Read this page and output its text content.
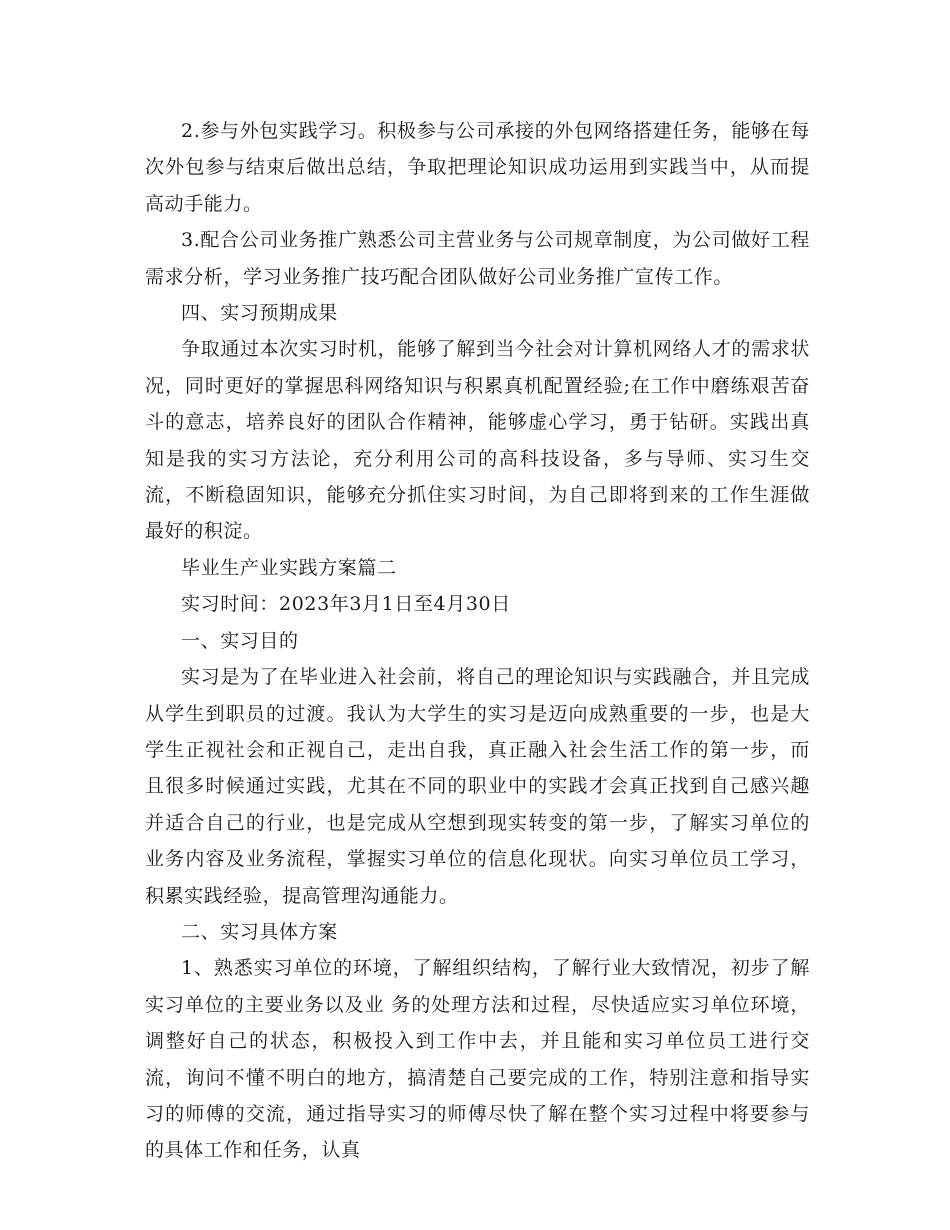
2.参与外包实践学习。积极参与公司承接的外包网络搭建任务，能够在每次外包参与结束后做出总结，争取把理论知识成功运用到实践当中，从而提高动手能力。

3.配合公司业务推广熟悉公司主营业务与公司规章制度，为公司做好工程需求分析，学习业务推广技巧配合团队做好公司业务推广宣传工作。

四、实习预期成果

争取通过本次实习时机，能够了解到当今社会对计算机网络人才的需求状况，同时更好的掌握思科网络知识与积累真机配置经验;在工作中磨练艰苦奋斗的意志，培养良好的团队合作精神，能够虚心学习，勇于钻研。实践出真知是我的实习方法论，充分利用公司的高科技设备，多与导师、实习生交流，不断稳固知识，能够充分抓住实习时间，为自己即将到来的工作生涯做最好的积淀。

毕业生产业实践方案篇二

实习时间：2023年3月1日至4月30日

一、实习目的

实习是为了在毕业进入社会前，将自己的理论知识与实践融合，并且完成从学生到职员的过渡。我认为大学生的实习是迈向成熟重要的一步，也是大学生正视社会和正视自己，走出自我，真正融入社会生活工作的第一步，而且很多时候通过实践，尤其在不同的职业中的实践才会真正找到自己感兴趣并适合自己的行业，也是完成从空想到现实转变的第一步，了解实习单位的业务内容及业务流程，掌握实习单位的信息化现状。向实习单位员工学习，积累实践经验，提高管理沟通能力。

二、实习具体方案

1、熟悉实习单位的环境，了解组织结构，了解行业大致情况，初步了解实习单位的主要业务以及业 务的处理方法和过程，尽快适应实习单位环境，调整好自己的状态，积极投入到工作中去，并且能和实习单位员工进行交流，询问不懂不明白的地方，搞清楚自己要完成的工作，特别注意和指导实习的师傅的交流，通过指导实习的师傅尽快了解在整个实习过程中将要参与的具体工作和任务，认真
